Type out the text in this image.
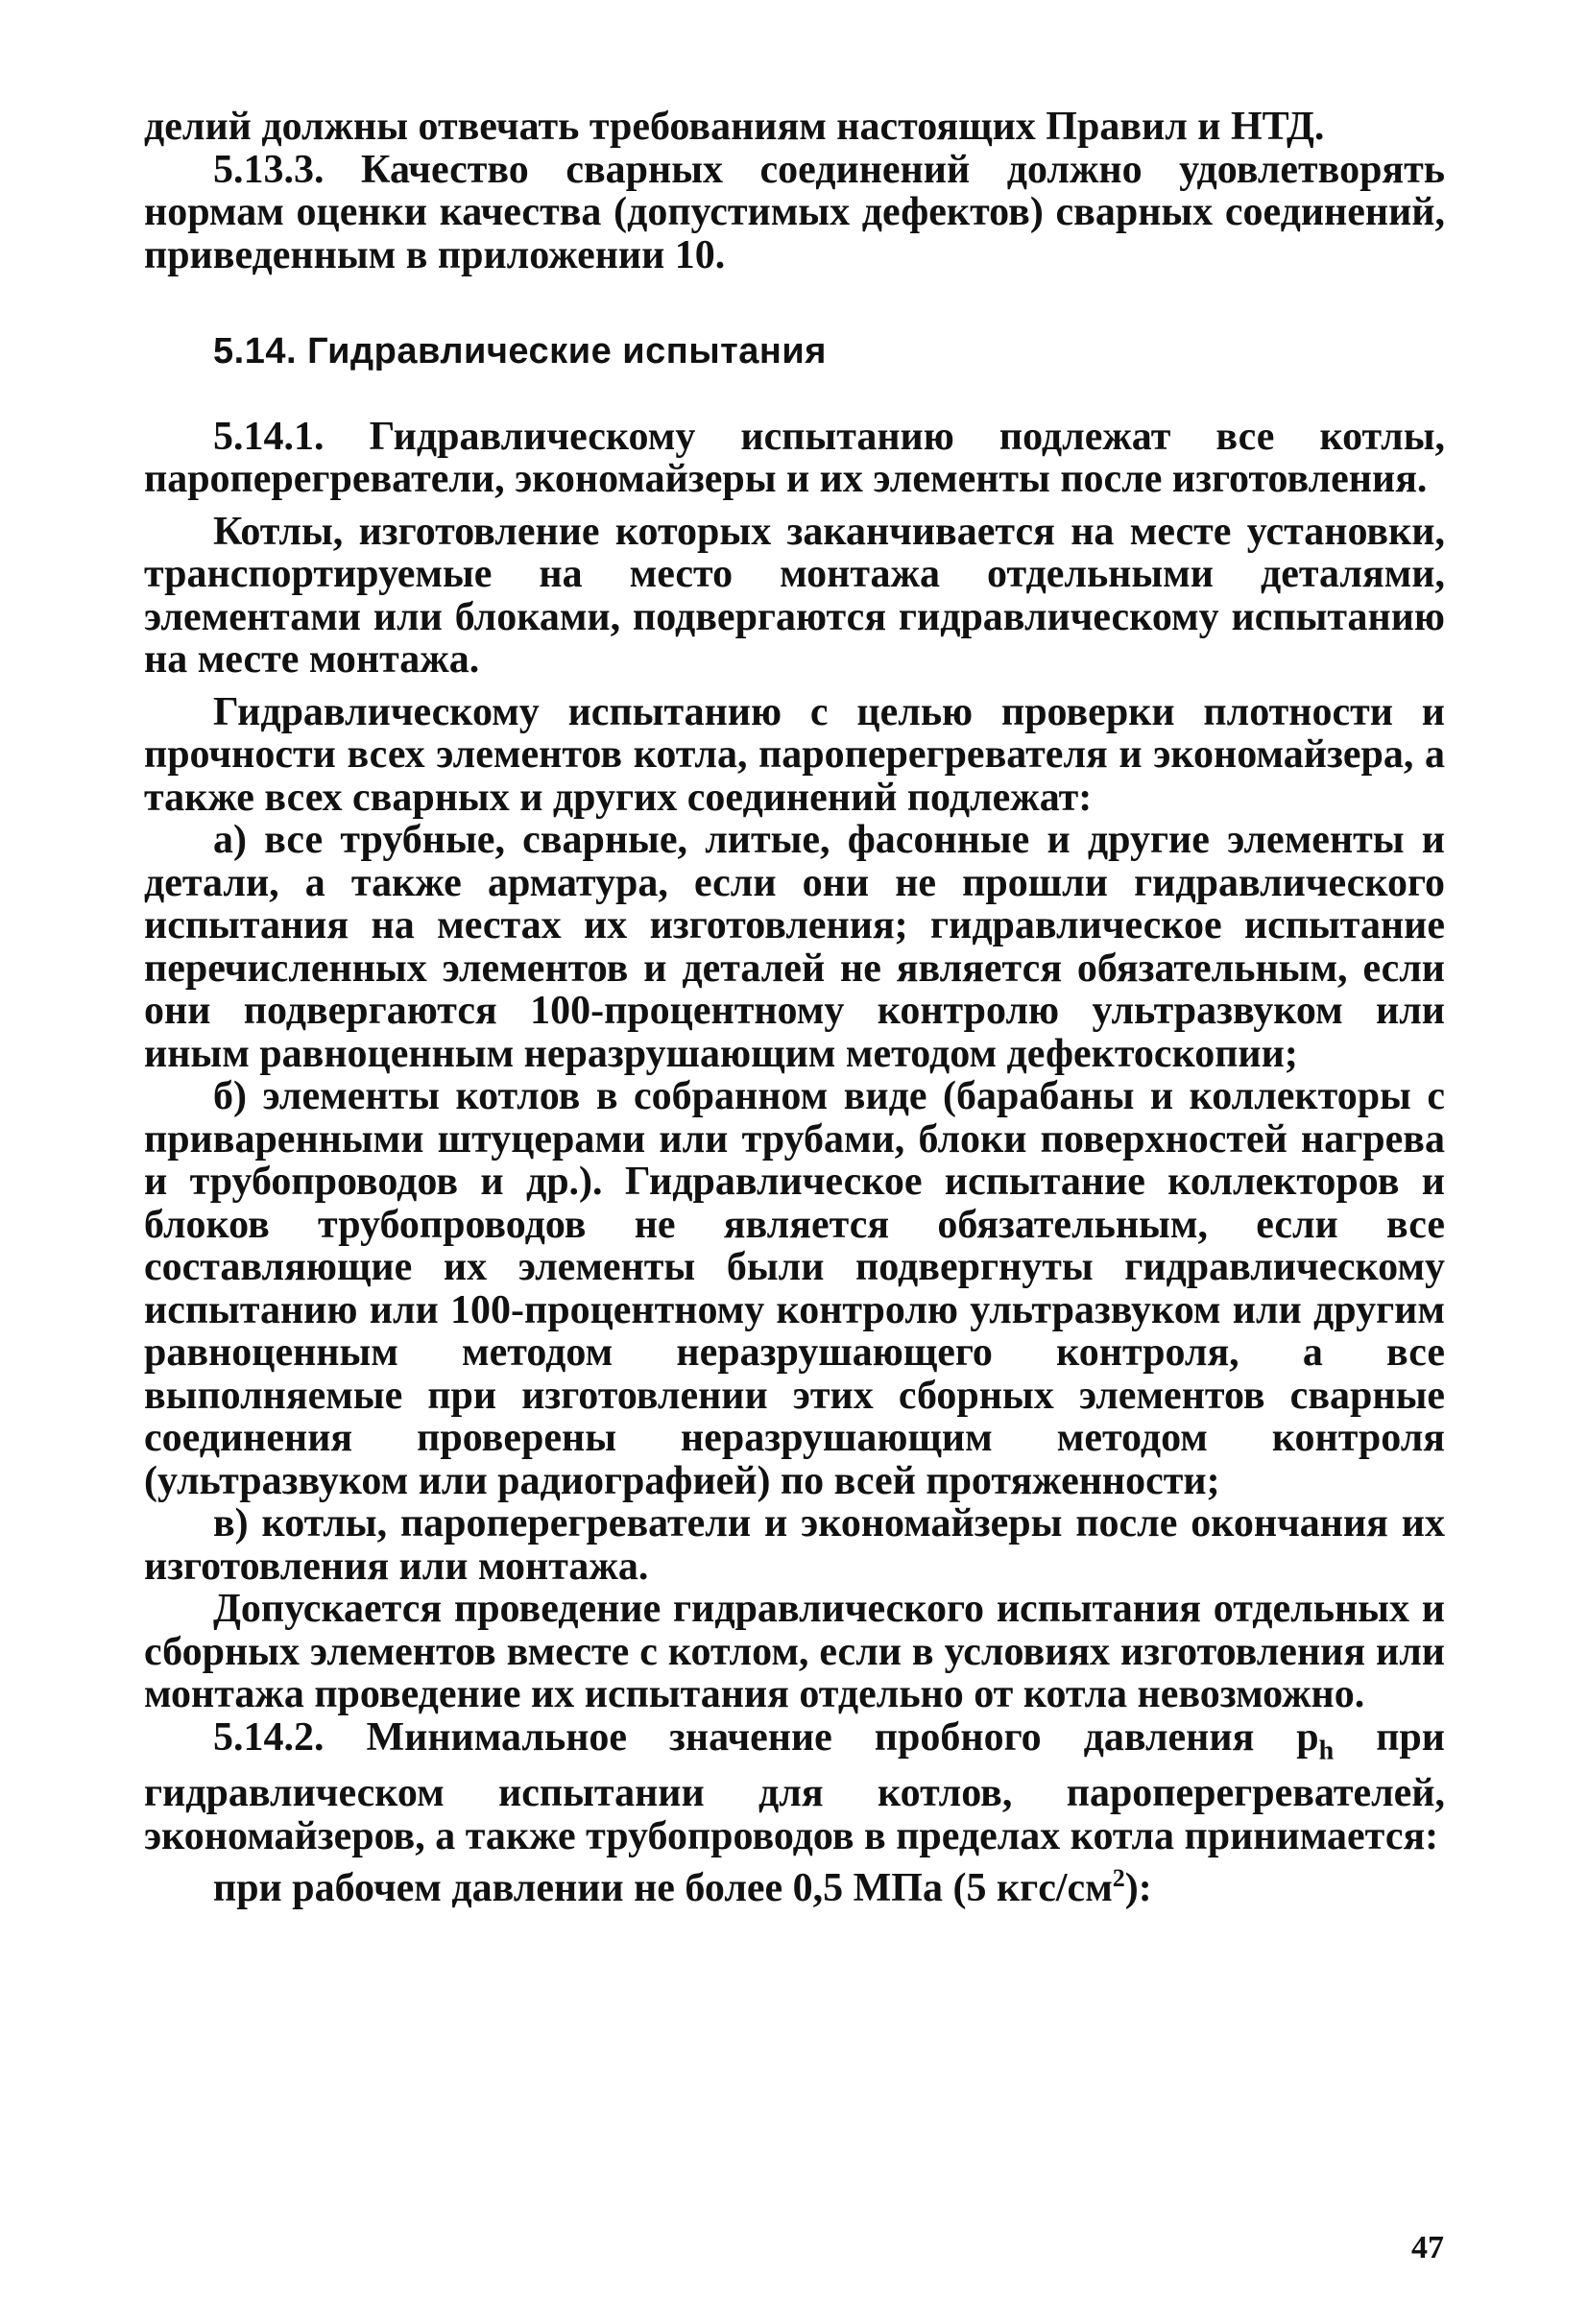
делий должны отвечать требованиям настоящих Правил и НТД.

5.13.3. Качество сварных соединений должно удовлетворять нормам оценки качества (допустимых дефектов) сварных соединений, приведенным в приложении 10.

5.14. Гидравлические испытания

5.14.1. Гидравлическому испытанию подлежат все котлы, пароперегреватели, экономайзеры и их элементы после изготовления.

Котлы, изготовление которых заканчивается на месте установки, транспортируемые на место монтажа отдельными деталями, элементами или блоками, подвергаются гидравлическому испытанию на месте монтажа.

Гидравлическому испытанию с целью проверки плотности и прочности всех элементов котла, пароперегревателя и экономайзера, а также всех сварных и других соединений подлежат:

а) все трубные, сварные, литые, фасонные и другие элементы и детали, а также арматура, если они не прошли гидравлического испытания на местах их изготовления; гидравлическое испытание перечисленных элементов и деталей не является обязательным, если они подвергаются 100-процентному контролю ультразвуком или иным равноценным неразрушающим методом дефектоскопии;

б) элементы котлов в собранном виде (барабаны и коллекторы с приваренными штуцерами или трубами, блоки поверхностей нагрева и трубопроводов и др.). Гидравлическое испытание коллекторов и блоков трубопроводов не является обязательным, если все составляющие их элементы были подвергнуты гидравлическому испытанию или 100-процентному контролю ультразвуком или другим равноценным методом неразрушающего контроля, а все выполняемые при изготовлении этих сборных элементов сварные соединения проверены неразрушающим методом контроля (ультразвуком или радиографией) по всей протяженности;

в) котлы, пароперегреватели и экономайзеры после окончания их изготовления или монтажа.

Допускается проведение гидравлического испытания отдельных и сборных элементов вместе с котлом, если в условиях изготовления или монтажа проведение их испытания отдельно от котла невозможно.

5.14.2. Минимальное значение пробного давления $p_h$ при гидравлическом испытании для котлов, пароперегревателей, экономайзеров, а также трубопроводов в пределах котла принимается:

при рабочем давлении не более 0,5 МПа (5 кгс/$см^2$):

47
